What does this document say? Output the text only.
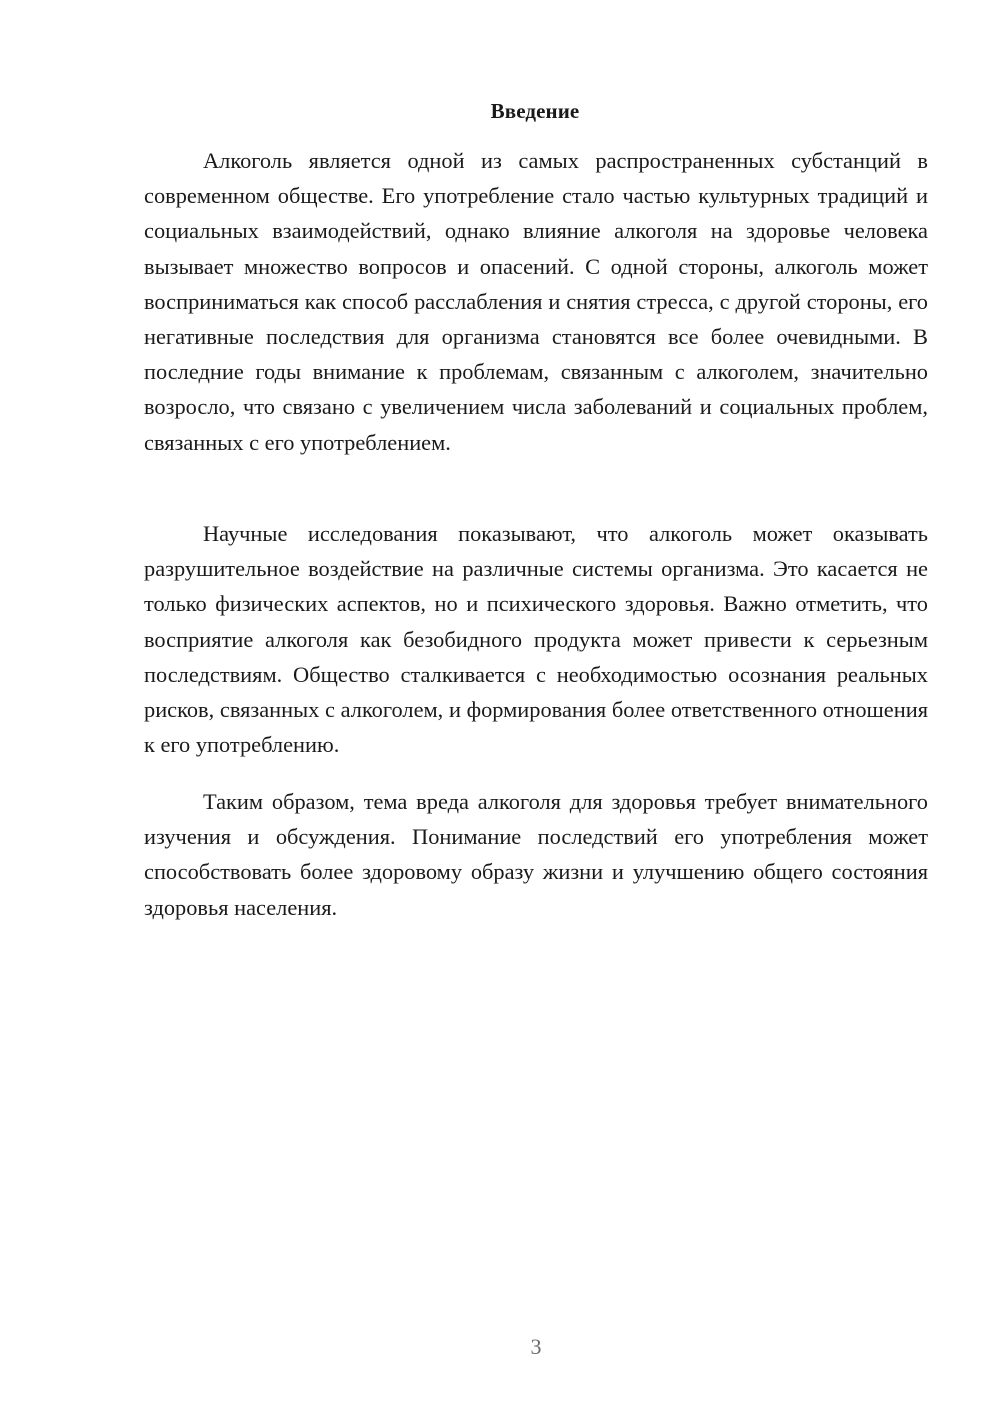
Введение

Алкоголь является одной из самых распространенных субстанций в современном обществе. Его употребление стало частью культурных традиций и социальных взаимодействий, однако влияние алкоголя на здоровье человека вызывает множество вопросов и опасений. С одной стороны, алкоголь может восприниматься как способ расслабления и снятия стресса, с другой стороны, его негативные последствия для организма становятся все более очевидными. В последние годы внимание к проблемам, связанным с алкоголем, значительно возросло, что связано с увеличением числа заболеваний и социальных проблем, связанных с его употреблением.

Научные исследования показывают, что алкоголь может оказывать разрушительное воздействие на различные системы организма. Это касается не только физических аспектов, но и психического здоровья. Важно отметить, что восприятие алкоголя как безобидного продукта может привести к серьезным последствиям. Общество сталкивается с необходимостью осознания реальных рисков, связанных с алкоголем, и формирования более ответственного отношения к его употреблению.

Таким образом, тема вреда алкоголя для здоровья требует внимательного изучения и обсуждения. Понимание последствий его употребления может способствовать более здоровому образу жизни и улучшению общего состояния здоровья населения.

3
